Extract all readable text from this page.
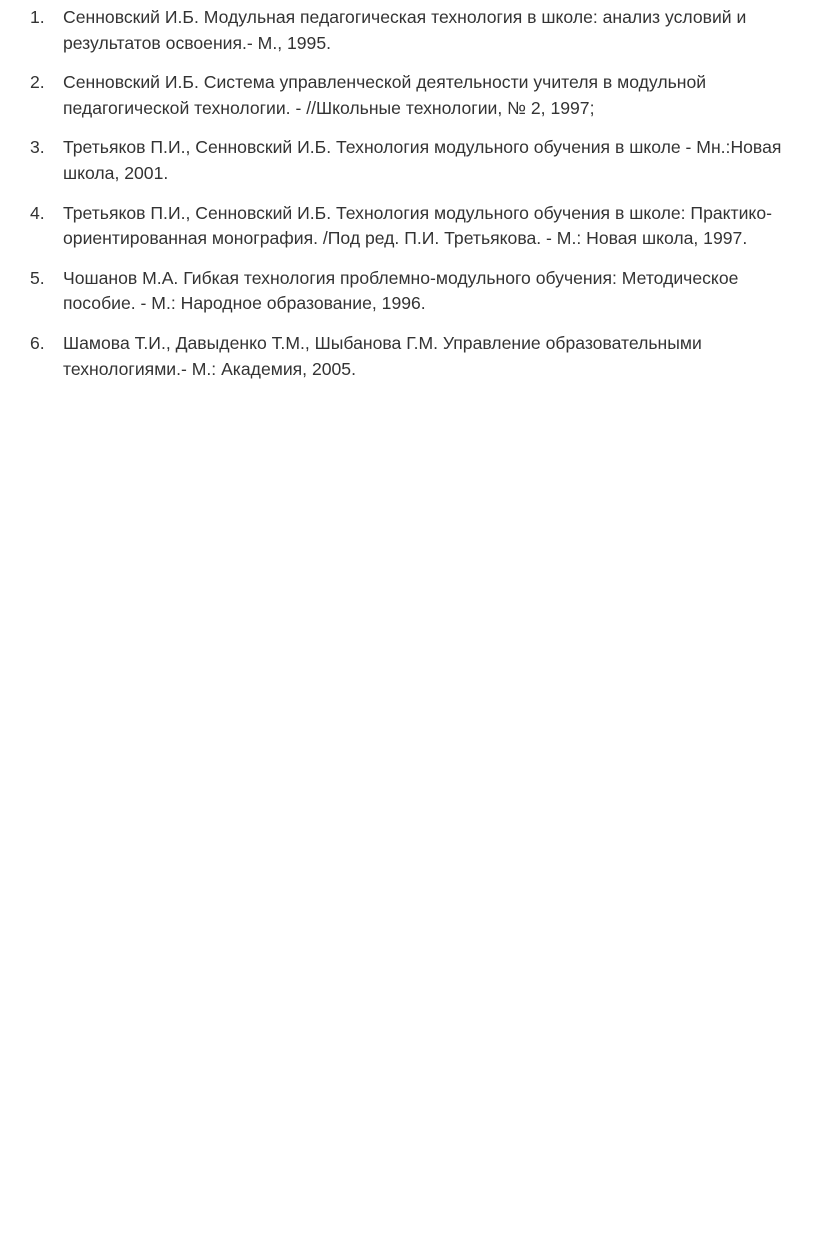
1. Сенновский И.Б. Модульная педагогическая технология в школе: анализ условий и результатов освоения.- М., 1995.
2. Сенновский И.Б. Система управленческой деятельности учителя в модульной педагогической технологии. - //Школьные технологии, № 2, 1997;
3. Третьяков П.И., Сенновский И.Б. Технология модульного обучения в школе - Мн.:Новая школа, 2001.
4. Третьяков П.И., Сенновский И.Б. Технология модульного обучения в школе: Практико-ориентированная монография. /Под ред. П.И. Третьякова. - М.: Новая школа, 1997.
5. Чошанов М.А. Гибкая технология проблемно-модульного обучения: Методическое пособие. - М.: Народное образование, 1996.
6. Шамова Т.И., Давыденко Т.М., Шыбанова Г.М. Управление образовательными технологиями.- М.: Академия, 2005.
